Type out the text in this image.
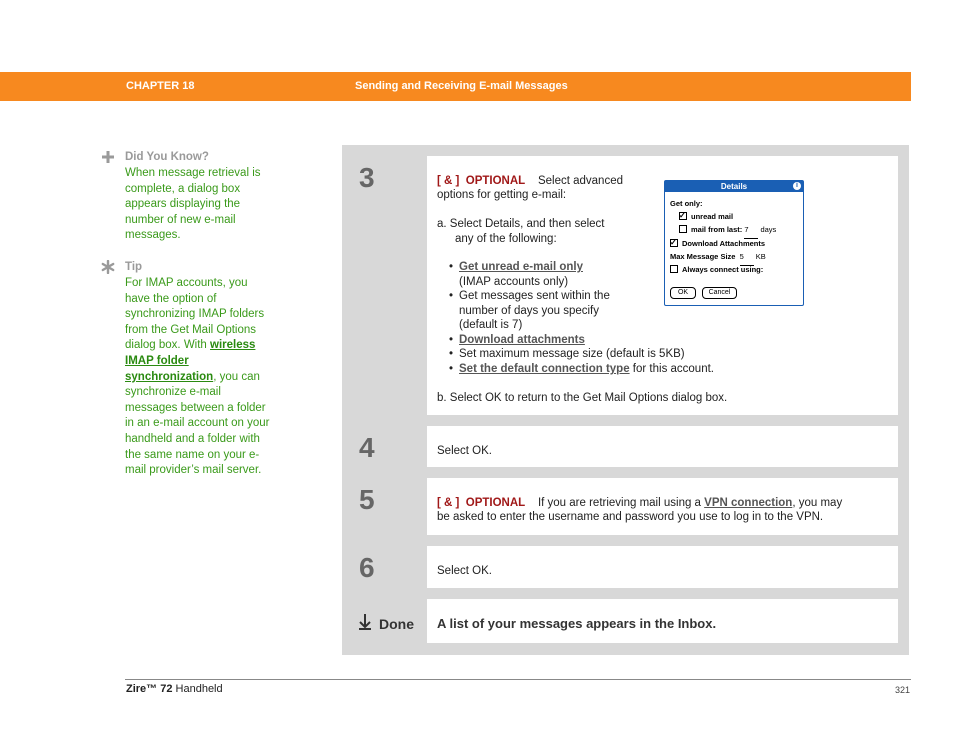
CHAPTER 18	Sending and Receiving E-mail Messages
Did You Know?
When message retrieval is complete, a dialog box appears displaying the number of new e-mail messages.
Tip
For IMAP accounts, you have the option of synchronizing IMAP folders from the Get Mail Options dialog box. With wireless IMAP folder synchronization, you can synchronize e-mail messages between a folder in an e-mail account on your handheld and a folder with the same name on your e-mail provider’s mail server.
3	[ & ] OPTIONAL Select advanced
options for getting e-mail:
a. Select Details, and then select
any of the following:
• Get unread e-mail only
(IMAP accounts only)
• Get messages sent within the
number of days you specify
(default is 7)
• Download attachments
• Set maximum message size (default is 5KB)
• Set the default connection type for this account.
b. Select OK to return to the Get Mail Options dialog box.
Details	i
Get only:
✓unread mail
mail from last: 7 days
✓Download Attachments
Max Message Size 5 KB
Always connect using:
OK	Cancel
4	Select OK.
5	[ & ] OPTIONAL If you are retrieving mail using a VPN connection, you may
be asked to enter the username and password you use to log in to the VPN.
6	Select OK.
Done A list of your messages appears in the Inbox.
Zire™ 72 Handheld	321
